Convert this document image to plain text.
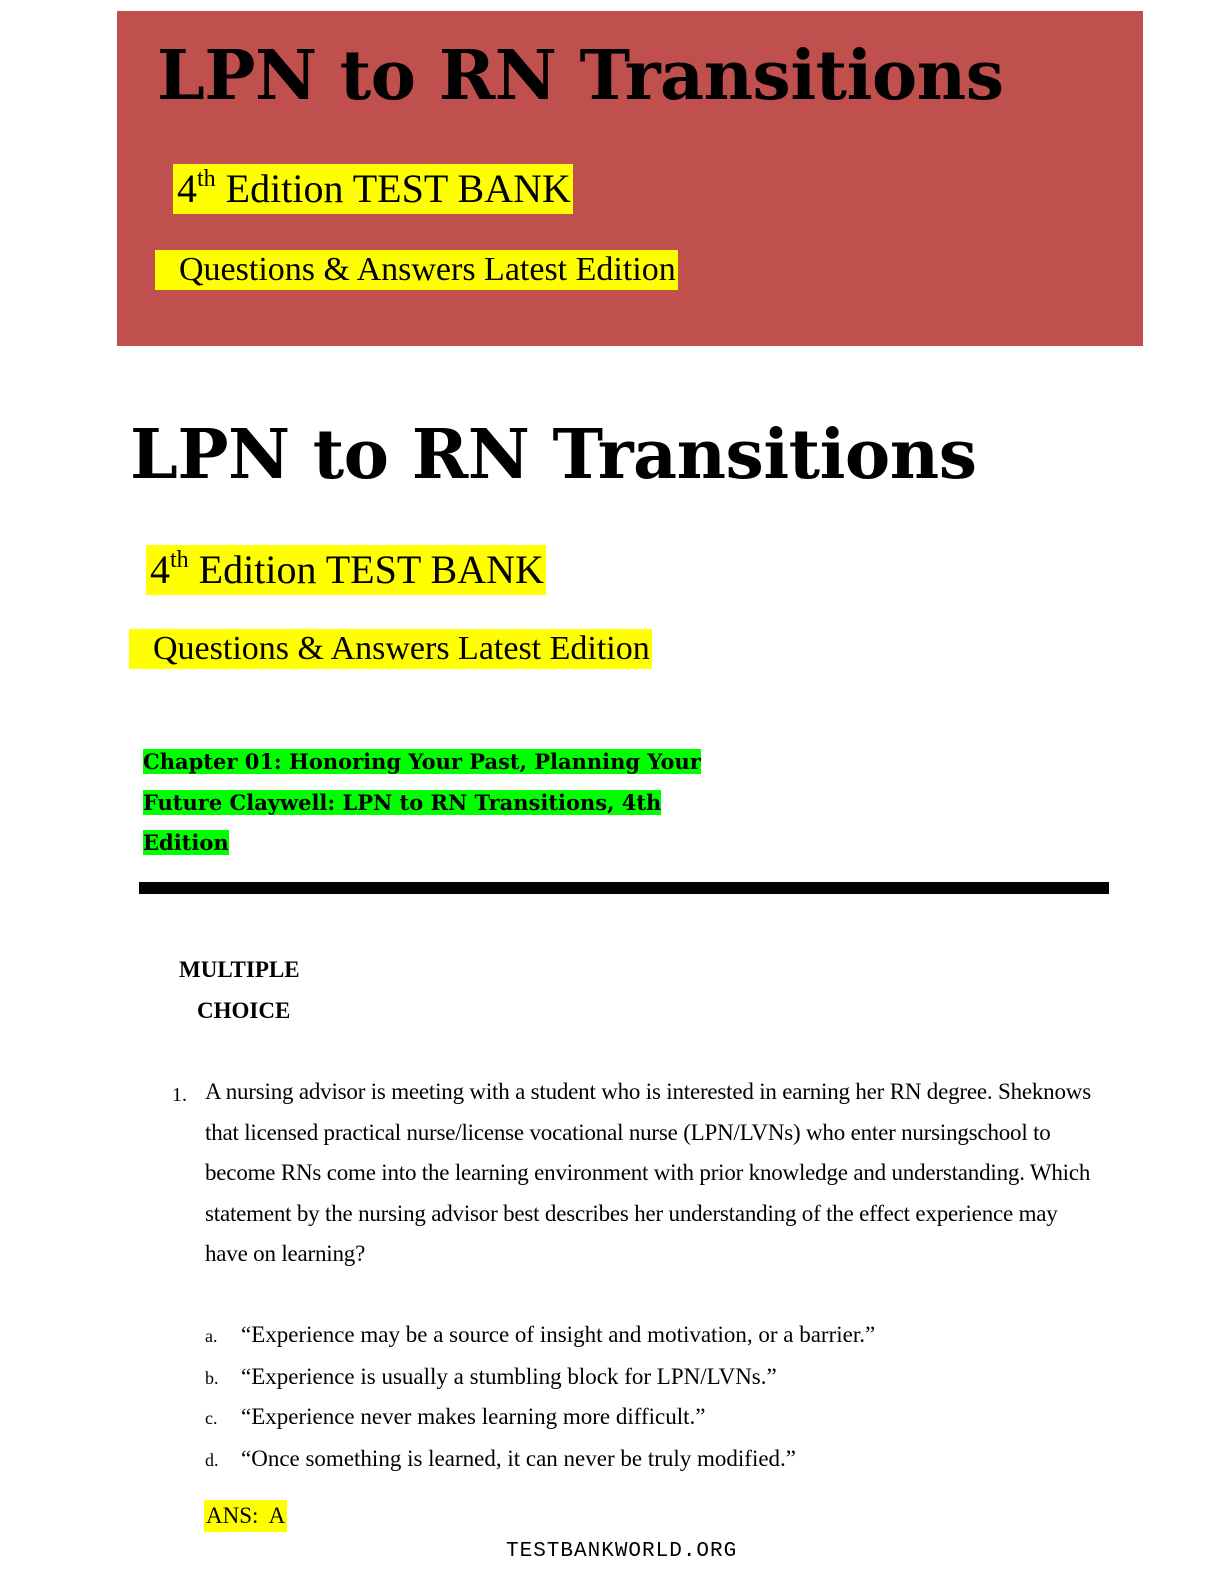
LPN to RN Transitions
4th Edition TEST BANK
Questions & Answers Latest Edition
LPN to RN Transitions
4th Edition TEST BANK
Questions & Answers Latest Edition
Chapter 01: Honoring Your Past, Planning Your
Future Claywell: LPN to RN Transitions, 4th
Edition
MULTIPLE
CHOICE
1. A nursing advisor is meeting with a student who is interested in earning her RN degree. Sheknows that licensed practical nurse/license vocational nurse (LPN/LVNs) who enter nursingschool to become RNs come into the learning environment with prior knowledge and understanding. Which statement by the nursing advisor best describes her understanding of the effect experience may have on learning?
a. “Experience may be a source of insight and motivation, or a barrier.”
b. “Experience is usually a stumbling block for LPN/LVNs.”
c. “Experience never makes learning more difficult.”
d. “Once something is learned, it can never be truly modified.”
ANS:  A
TESTBANKWORLD.ORG
